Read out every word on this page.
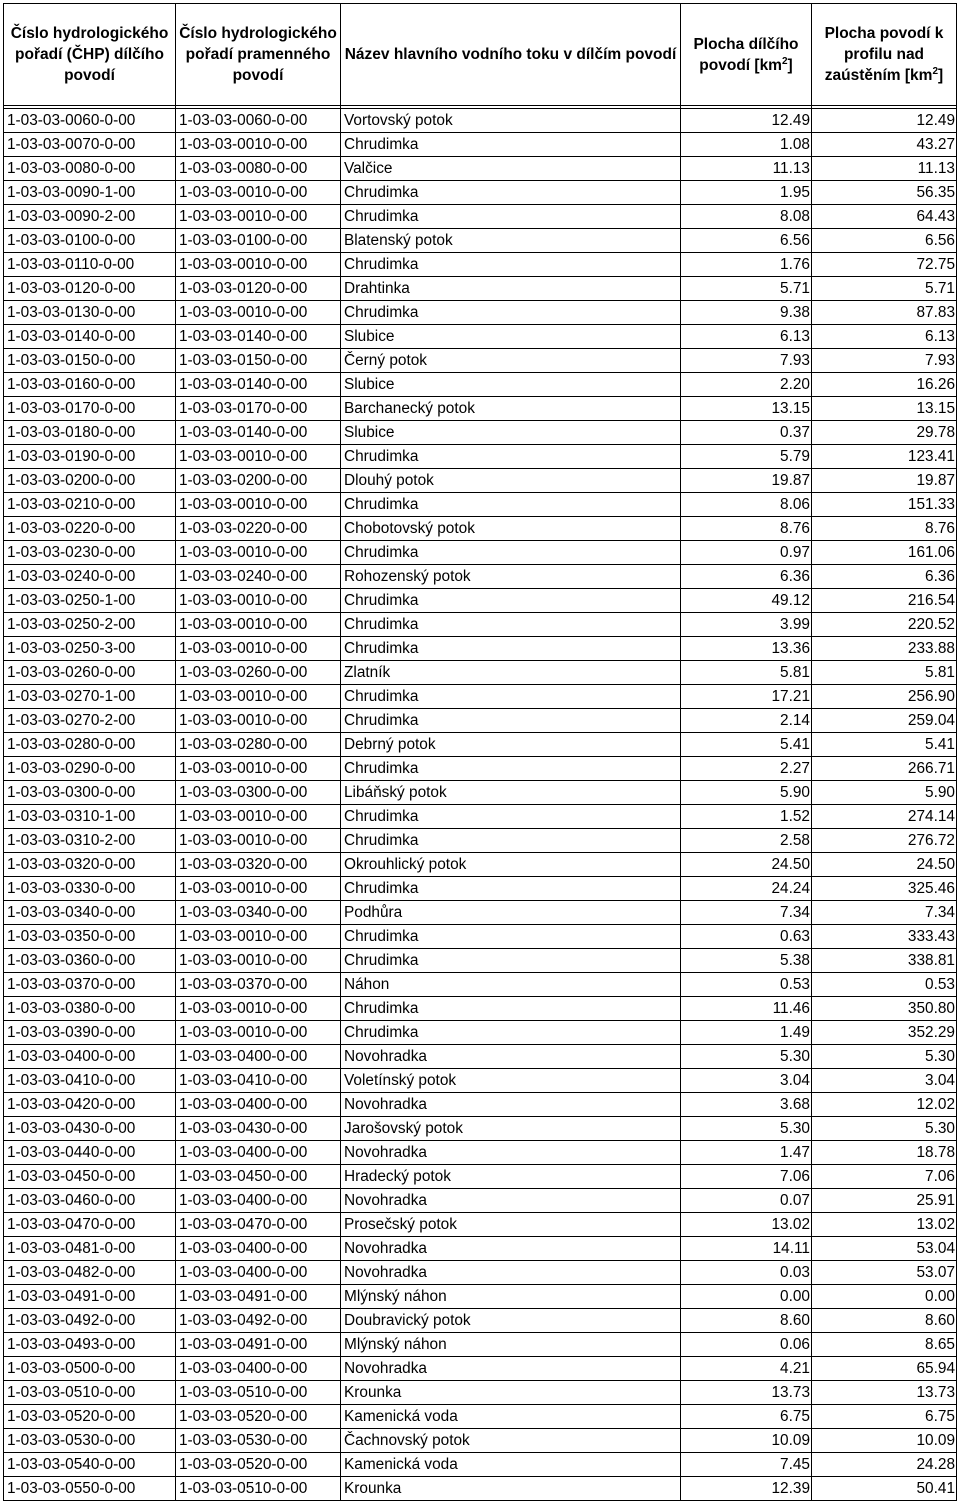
Číslo hydrologického pořadí (ČHP) dílčího povodí	Číslo hydrologického pořadí pramenného povodí	Název hlavního vodního toku v dílčím povodí	Plocha dílčího povodí $[km^2]$	Plocha povodí k profilu nad zaústěním $[km^2]$

1-03-03-0060-0-00	1-03-03-0060-0-00	Vortovský potok	12.49	12.49
1-03-03-0070-0-00	1-03-03-0010-0-00	Chrudimka	1.08	43.27
1-03-03-0080-0-00	1-03-03-0080-0-00	Valčice	11.13	11.13
1-03-03-0090-1-00	1-03-03-0010-0-00	Chrudimka	1.95	56.35
1-03-03-0090-2-00	1-03-03-0010-0-00	Chrudimka	8.08	64.43
1-03-03-0100-0-00	1-03-03-0100-0-00	Blatenský potok	6.56	6.56
1-03-03-0110-0-00	1-03-03-0010-0-00	Chrudimka	1.76	72.75
1-03-03-0120-0-00	1-03-03-0120-0-00	Drahtinka	5.71	5.71
1-03-03-0130-0-00	1-03-03-0010-0-00	Chrudimka	9.38	87.83
1-03-03-0140-0-00	1-03-03-0140-0-00	Slubice	6.13	6.13
1-03-03-0150-0-00	1-03-03-0150-0-00	Černý potok	7.93	7.93
1-03-03-0160-0-00	1-03-03-0140-0-00	Slubice	2.20	16.26
1-03-03-0170-0-00	1-03-03-0170-0-00	Barchanecký potok	13.15	13.15
1-03-03-0180-0-00	1-03-03-0140-0-00	Slubice	0.37	29.78
1-03-03-0190-0-00	1-03-03-0010-0-00	Chrudimka	5.79	123.41
1-03-03-0200-0-00	1-03-03-0200-0-00	Dlouhý potok	19.87	19.87
1-03-03-0210-0-00	1-03-03-0010-0-00	Chrudimka	8.06	151.33
1-03-03-0220-0-00	1-03-03-0220-0-00	Chobotovský potok	8.76	8.76
1-03-03-0230-0-00	1-03-03-0010-0-00	Chrudimka	0.97	161.06
1-03-03-0240-0-00	1-03-03-0240-0-00	Rohozenský potok	6.36	6.36
1-03-03-0250-1-00	1-03-03-0010-0-00	Chrudimka	49.12	216.54
1-03-03-0250-2-00	1-03-03-0010-0-00	Chrudimka	3.99	220.52
1-03-03-0250-3-00	1-03-03-0010-0-00	Chrudimka	13.36	233.88
1-03-03-0260-0-00	1-03-03-0260-0-00	Zlatník	5.81	5.81
1-03-03-0270-1-00	1-03-03-0010-0-00	Chrudimka	17.21	256.90
1-03-03-0270-2-00	1-03-03-0010-0-00	Chrudimka	2.14	259.04
1-03-03-0280-0-00	1-03-03-0280-0-00	Debrný potok	5.41	5.41
1-03-03-0290-0-00	1-03-03-0010-0-00	Chrudimka	2.27	266.71
1-03-03-0300-0-00	1-03-03-0300-0-00	Libáňský potok	5.90	5.90
1-03-03-0310-1-00	1-03-03-0010-0-00	Chrudimka	1.52	274.14
1-03-03-0310-2-00	1-03-03-0010-0-00	Chrudimka	2.58	276.72
1-03-03-0320-0-00	1-03-03-0320-0-00	Okrouhlický potok	24.50	24.50
1-03-03-0330-0-00	1-03-03-0010-0-00	Chrudimka	24.24	325.46
1-03-03-0340-0-00	1-03-03-0340-0-00	Podhůra	7.34	7.34
1-03-03-0350-0-00	1-03-03-0010-0-00	Chrudimka	0.63	333.43
1-03-03-0360-0-00	1-03-03-0010-0-00	Chrudimka	5.38	338.81
1-03-03-0370-0-00	1-03-03-0370-0-00	Náhon	0.53	0.53
1-03-03-0380-0-00	1-03-03-0010-0-00	Chrudimka	11.46	350.80
1-03-03-0390-0-00	1-03-03-0010-0-00	Chrudimka	1.49	352.29
1-03-03-0400-0-00	1-03-03-0400-0-00	Novohradka	5.30	5.30
1-03-03-0410-0-00	1-03-03-0410-0-00	Voletínský potok	3.04	3.04
1-03-03-0420-0-00	1-03-03-0400-0-00	Novohradka	3.68	12.02
1-03-03-0430-0-00	1-03-03-0430-0-00	Jarošovský potok	5.30	5.30
1-03-03-0440-0-00	1-03-03-0400-0-00	Novohradka	1.47	18.78
1-03-03-0450-0-00	1-03-03-0450-0-00	Hradecký potok	7.06	7.06
1-03-03-0460-0-00	1-03-03-0400-0-00	Novohradka	0.07	25.91
1-03-03-0470-0-00	1-03-03-0470-0-00	Prosečský potok	13.02	13.02
1-03-03-0481-0-00	1-03-03-0400-0-00	Novohradka	14.11	53.04
1-03-03-0482-0-00	1-03-03-0400-0-00	Novohradka	0.03	53.07
1-03-03-0491-0-00	1-03-03-0491-0-00	Mlýnský náhon	0.00	0.00
1-03-03-0492-0-00	1-03-03-0492-0-00	Doubravický potok	8.60	8.60
1-03-03-0493-0-00	1-03-03-0491-0-00	Mlýnský náhon	0.06	8.65
1-03-03-0500-0-00	1-03-03-0400-0-00	Novohradka	4.21	65.94
1-03-03-0510-0-00	1-03-03-0510-0-00	Krounka	13.73	13.73
1-03-03-0520-0-00	1-03-03-0520-0-00	Kamenická voda	6.75	6.75
1-03-03-0530-0-00	1-03-03-0530-0-00	Čachnovský potok	10.09	10.09
1-03-03-0540-0-00	1-03-03-0520-0-00	Kamenická voda	7.45	24.28
1-03-03-0550-0-00	1-03-03-0510-0-00	Krounka	12.39	50.41
